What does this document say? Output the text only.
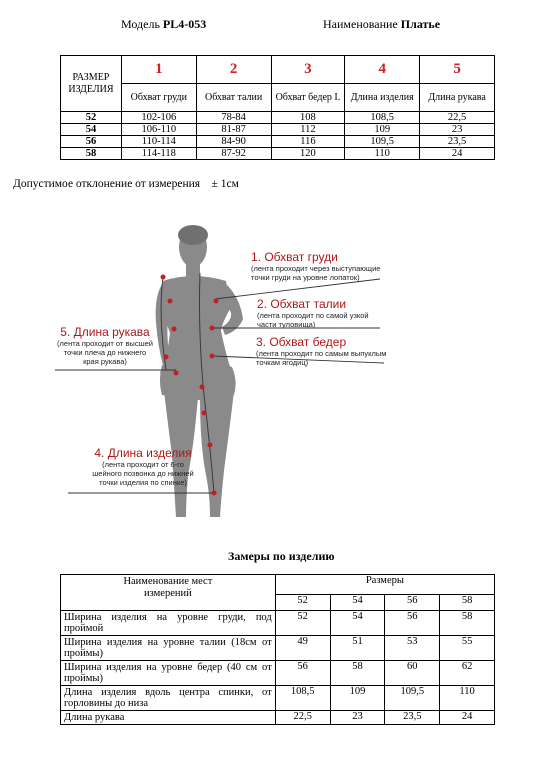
Модель PL4-053	Наименование Платье
РАЗМЕР ИЗДЕЛИЯ	1	2	3	4	5
	Обхват груди	Обхват талии	Обхват бедер I.	Длина изделия	Длина рукава
52	102-106	78-84	108	108,5	22,5
54	106-110	81-87	112	109	23
56	110-114	84-90	116	109,5	23,5
58	114-118	87-92	120	110	24
Допустимое отклонение от измерения ± 1см
1. Обхват груди
(лента проходит через выступающие точки груди на уровне лопаток)
2. Обхват талии
(лента проходит по самой узкой части туловища)
3. Обхват бедер
(лента проходит по самым выпуклым точкам ягодиц)
4. Длина изделия
(лента проходит от 6-го шейного позвонка до нижней точки изделия по спинке)
5. Длина рукава
(лента проходит от высшей точки плеча до нижнего края рукава)
Замеры по изделию
Наименование мест измерений	Размеры			
	52	54	56	58
Ширина изделия на уровне груди, под проймой	52	54	56	58
Ширина изделия на уровне талии (18см от проймы)	49	51	53	55
Ширина изделия на уровне бедер (40 см от проймы)	56	58	60	62
Длина изделия вдоль центра спинки, от горловины до низа	108,5	109	109,5	110
Длина рукава	22,5	23	23,5	24
